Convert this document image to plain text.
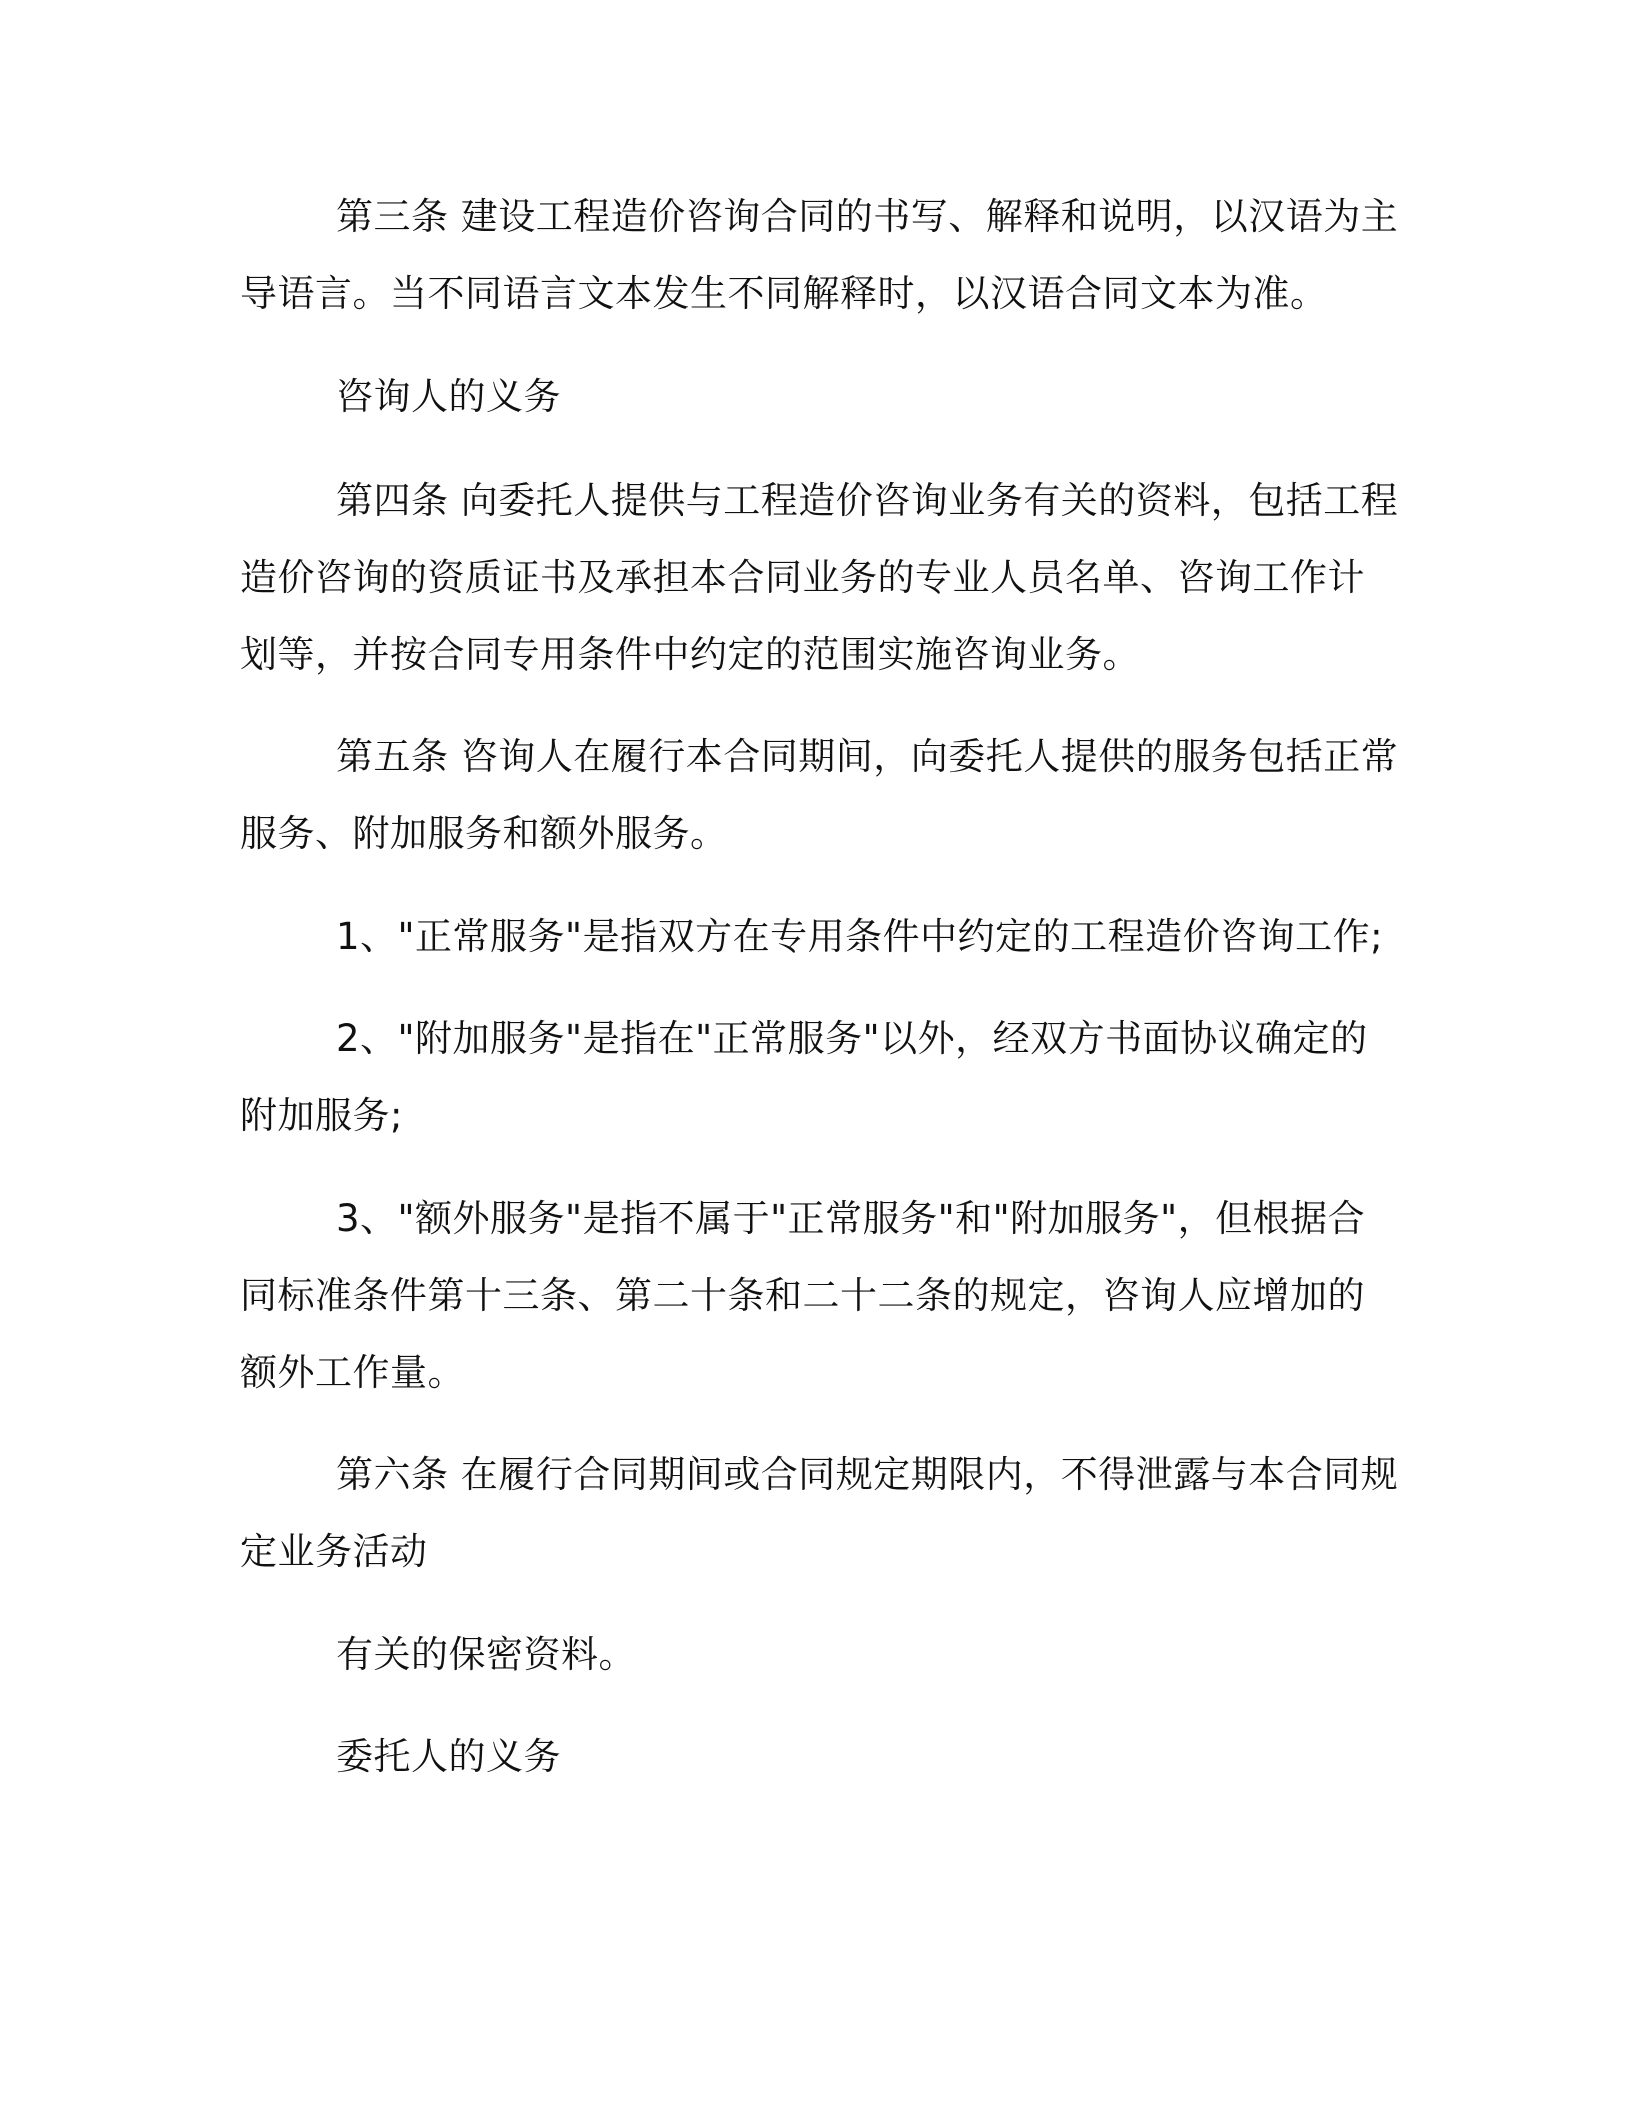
第三条 建设工程造价咨询合同的书写、解释和说明，以汉语为主
导语言。当不同语言文本发生不同解释时，以汉语合同文本为准。
咨询人的义务
第四条 向委托人提供与工程造价咨询业务有关的资料，包括工程
造价咨询的资质证书及承担本合同业务的专业人员名单、咨询工作计
划等，并按合同专用条件中约定的范围实施咨询业务。
第五条 咨询人在履行本合同期间，向委托人提供的服务包括正常
服务、附加服务和额外服务。
1、"正常服务"是指双方在专用条件中约定的工程造价咨询工作;
2、"附加服务"是指在"正常服务"以外，经双方书面协议确定的
附加服务;
3、"额外服务"是指不属于"正常服务"和"附加服务"，但根据合
同标准条件第十三条、第二十条和二十二条的规定，咨询人应增加的
额外工作量。
第六条 在履行合同期间或合同规定期限内，不得泄露与本合同规
定业务活动
有关的保密资料。
委托人的义务
